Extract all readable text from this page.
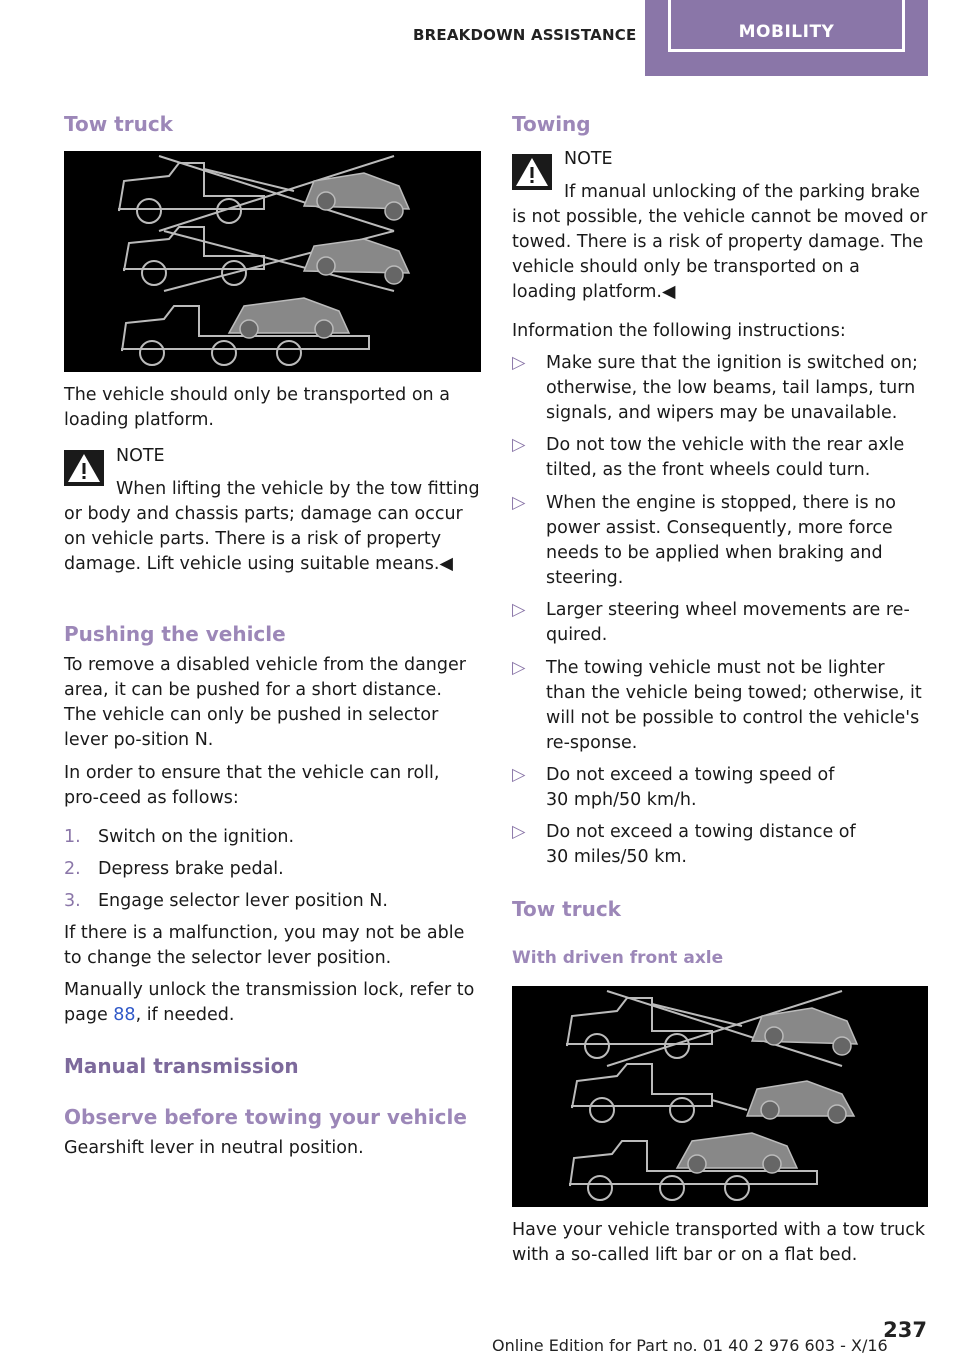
BREAKDOWN ASSISTANCE	MOBILITY
Tow truck

The vehicle should only be transported on a loading platform.

NOTE
When lifting the vehicle by the tow fitting

or body and chassis parts; damage can occur on vehicle parts. There is a risk of property damage. Lift vehicle using suitable means.◀

Pushing the vehicle

To remove a disabled vehicle from the danger area, it can be pushed for a short distance. The vehicle can only be pushed in selector lever po‐sition N.

In order to ensure that the vehicle can roll, pro‐ceed as follows:

1. Switch on the ignition.
2. Depress brake pedal.
3. Engage selector lever position N.

If there is a malfunction, you may not be able to change the selector lever position.

Manually unlock the transmission lock, refer to page 88, if needed.

Manual transmission
Observe before towing your vehicle

Gearshift lever in neutral position.

Towing
NOTE
If manual unlocking of the parking brake

is not possible, the vehicle cannot be moved or towed. There is a risk of property damage. The vehicle should only be transported on a loading platform.◀

Information the following instructions:

▷ Make sure that the ignition is switched on; otherwise, the low beams, tail lamps, turn signals, and wipers may be unavailable.
▷ Do not tow the vehicle with the rear axle tilted, as the front wheels could turn.
▷ When the engine is stopped, there is no power assist. Consequently, more force needs to be applied when braking and steering.
▷ Larger steering wheel movements are re‐quired.
▷ The towing vehicle must not be lighter than the vehicle being towed; otherwise, it will not be possible to control the vehicle's re‐sponse.
▷ Do not exceed a towing speed of 30 mph/50 km/h.
▷ Do not exceed a towing distance of 30 miles/50 km.
Tow truck
With driven front axle

Have your vehicle transported with a tow truck with a so-called lift bar or on a flat bed.

237
Online Edition for Part no. 01 40 2 976 603 - X/16
